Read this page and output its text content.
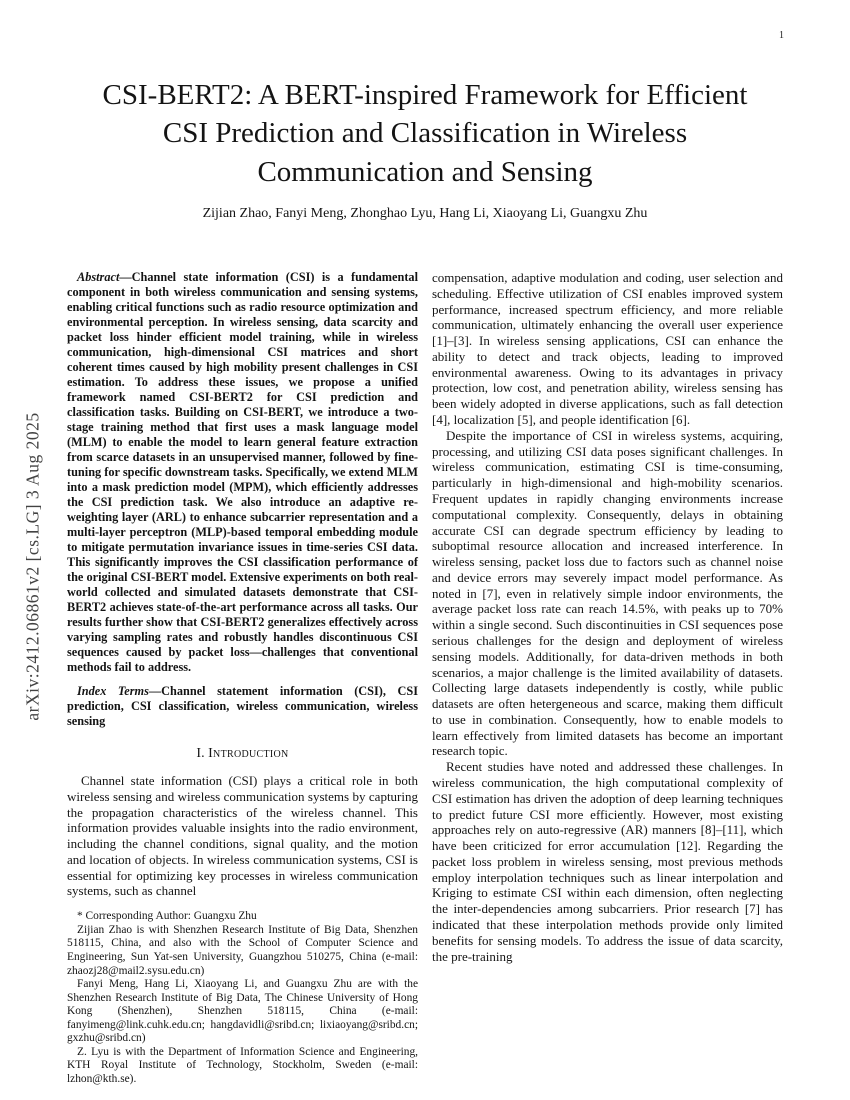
1
arXiv:2412.06861v2 [cs.LG] 3 Aug 2025
CSI-BERT2: A BERT-inspired Framework for Efficient CSI Prediction and Classification in Wireless Communication and Sensing
Zijian Zhao, Fanyi Meng, Zhonghao Lyu, Hang Li, Xiaoyang Li, Guangxu Zhu

Abstract—Channel state information (CSI) is a fundamental component in both wireless communication and sensing systems, enabling critical functions such as radio resource optimization and environmental perception. In wireless sensing, data scarcity and packet loss hinder efficient model training, while in wireless communication, high-dimensional CSI matrices and short coherent times caused by high mobility present challenges in CSI estimation. To address these issues, we propose a unified framework named CSI-BERT2 for CSI prediction and classification tasks. Building on CSI-BERT, we introduce a two-stage training method that first uses a mask language model (MLM) to enable the model to learn general feature extraction from scarce datasets in an unsupervised manner, followed by fine-tuning for specific downstream tasks. Specifically, we extend MLM into a mask prediction model (MPM), which efficiently addresses the CSI prediction task. We also introduce an adaptive re-weighting layer (ARL) to enhance subcarrier representation and a multi-layer perceptron (MLP)-based temporal embedding module to mitigate permutation invariance issues in time-series CSI data. This significantly improves the CSI classification performance of the original CSI-BERT model. Extensive experiments on both real-world collected and simulated datasets demonstrate that CSI-BERT2 achieves state-of-the-art performance across all tasks. Our results further show that CSI-BERT2 generalizes effectively across varying sampling rates and robustly handles discontinuous CSI sequences caused by packet loss—challenges that conventional methods fail to address.

Index Terms—Channel statement information (CSI), CSI prediction, CSI classification, wireless communication, wireless sensing

I. Introduction

Channel state information (CSI) plays a critical role in both wireless sensing and wireless communication systems by capturing the propagation characteristics of the wireless channel. This information provides valuable insights into the radio environment, including the channel conditions, signal quality, and the motion and location of objects. In wireless communication systems, CSI is essential for optimizing key processes in wireless communication systems, such as channel

* Corresponding Author: Guangxu Zhu

Zijian Zhao is with Shenzhen Research Institute of Big Data, Shenzhen 518115, China, and also with the School of Computer Science and Engineering, Sun Yat-sen University, Guangzhou 510275, China (e-mail: zhaozj28@mail2.sysu.edu.cn)

Fanyi Meng, Hang Li, Xiaoyang Li, and Guangxu Zhu are with the Shenzhen Research Institute of Big Data, The Chinese University of Hong Kong (Shenzhen), Shenzhen 518115, China (e-mail: fanyimeng@link.cuhk.edu.cn; hangdavidli@sribd.cn; lixiaoyang@sribd.cn; gxzhu@sribd.cn)

Z. Lyu is with the Department of Information Science and Engineering, KTH Royal Institute of Technology, Stockholm, Sweden (e-mail: lzhon@kth.se).

compensation, adaptive modulation and coding, user selection and scheduling. Effective utilization of CSI enables improved system performance, increased spectrum efficiency, and more reliable communication, ultimately enhancing the overall user experience [1]–[3]. In wireless sensing applications, CSI can enhance the ability to detect and track objects, leading to improved environmental awareness. Owing to its advantages in privacy protection, low cost, and penetration ability, wireless sensing has been widely adopted in diverse applications, such as fall detection [4], localization [5], and people identification [6].

Despite the importance of CSI in wireless systems, acquiring, processing, and utilizing CSI data poses significant challenges. In wireless communication, estimating CSI is time-consuming, particularly in high-dimensional and high-mobility scenarios. Frequent updates in rapidly changing environments increase computational complexity. Consequently, delays in obtaining accurate CSI can degrade spectrum efficiency by leading to suboptimal resource allocation and increased interference. In wireless sensing, packet loss due to factors such as channel noise and device errors may severely impact model performance. As noted in [7], even in relatively simple indoor environments, the average packet loss rate can reach 14.5%, with peaks up to 70% within a single second. Such discontinuities in CSI sequences pose serious challenges for the design and deployment of wireless sensing models. Additionally, for data-driven methods in both scenarios, a major challenge is the limited availability of datasets. Collecting large datasets independently is costly, while public datasets are often hetergeneous and scarce, making them difficult to use in combination. Consequently, how to enable models to learn effectively from limited datasets has become an important research topic.

Recent studies have noted and addressed these challenges. In wireless communication, the high computational complexity of CSI estimation has driven the adoption of deep learning techniques to predict future CSI more efficiently. However, most existing approaches rely on auto-regressive (AR) manners [8]–[11], which have been criticized for error accumulation [12]. Regarding the packet loss problem in wireless sensing, most previous methods employ interpolation techniques such as linear interpolation and Kriging to estimate CSI within each dimension, often neglecting the inter-dependencies among subcarriers. Prior research [7] has indicated that these interpolation methods provide only limited benefits for sensing models. To address the issue of data scarcity, the pre-training
